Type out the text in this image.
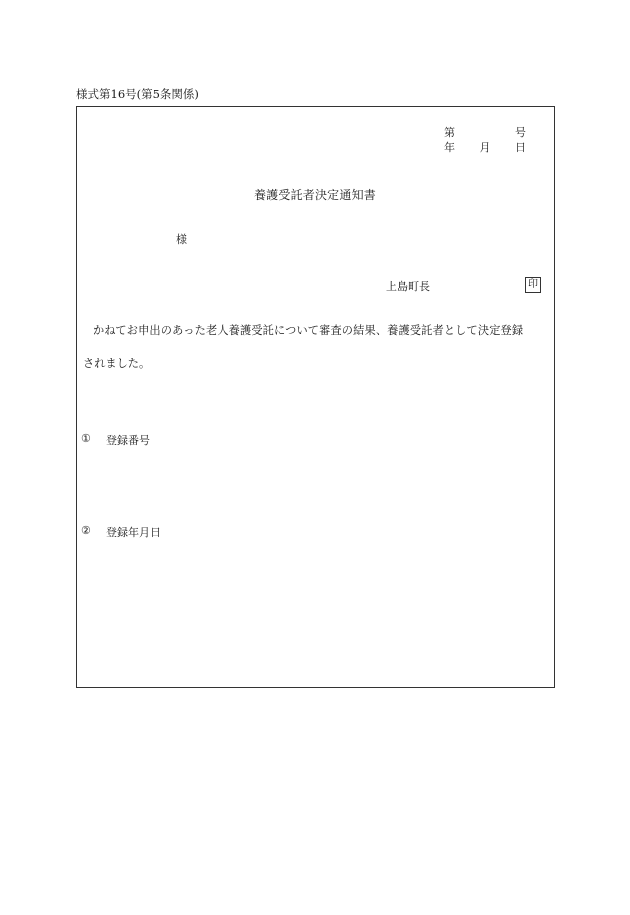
様式第16号(第5条関係)
第	号
年 月 日
養護受託者決定通知書
様
上島町長	印
かねてお申出のあった老人養護受託について審査の結果、養護受託者として決定登録
されました。
①	登録番号
②	登録年月日
